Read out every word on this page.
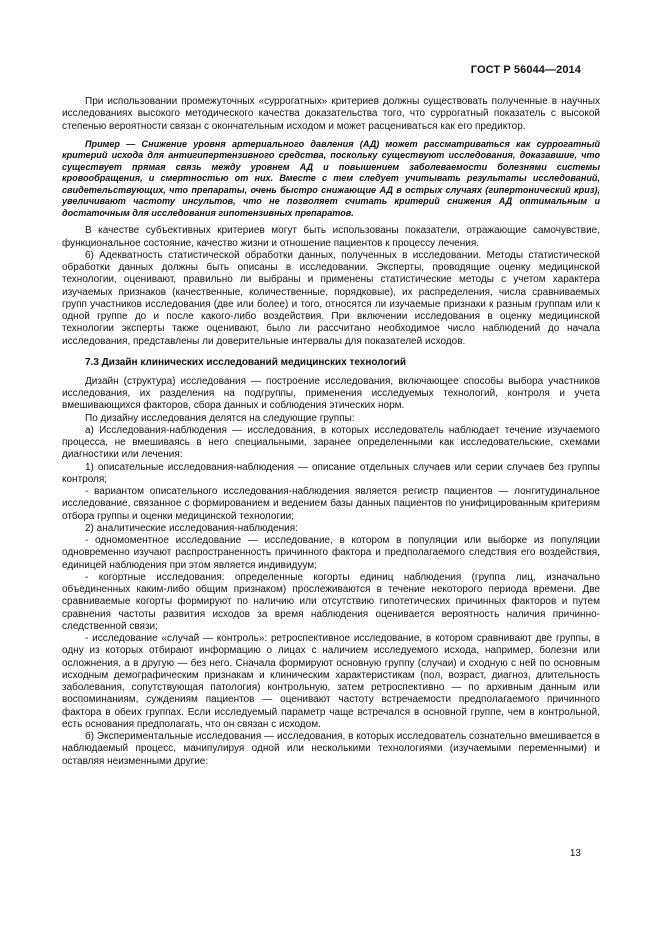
ГОСТ Р 56044—2014

При использовании промежуточных «суррогатных» критериев должны существовать полученные в научных исследованиях высокого методического качества доказательства того, что суррогатный показатель с высокой степенью вероятности связан с окончательным исходом и может расцениваться как его предиктор.

Пример — Снижение уровня артериального давления (АД) может рассматриваться как суррогатный критерий исхода для антигипертензивного средства, поскольку существуют исследования, доказавшие, что существует прямая связь между уровнем АД и повышением заболеваемости болезнями системы кровообращения, и смертностью от них. Вместе с тем следует учитывать результаты исследований, свидетельствующих, что препараты, очень быстро снижающие АД в острых случаях (гипертонический криз), увеличивают частоту инсультов, что не позволяет считать критерий снижения АД оптимальным и достаточным для исследования гипотензивных препаратов.

В качестве субъективных критериев могут быть использованы показатели, отражающие самочувствие, функциональное состояние, качество жизни и отношение пациентов к процессу лечения.

6) Адекватность статистической обработки данных, полученных в исследовании. Методы статистической обработки данных должны быть описаны в исследовании. Эксперты, проводящие оценку медицинской технологии, оценивают, правильно ли выбраны и применены статистические методы с учетом характера изучаемых признаков (качественные, количественные, порядковые), их распределения, числа сравниваемых групп участников исследования (две или более) и того, относятся ли изучаемые признаки к разным группам или к одной группе до и после какого-либо воздействия. При включении исследования в оценку медицинской технологии эксперты также оценивают, было ли рассчитано необходимое число наблюдений до начала исследования, представлены ли доверительные интервалы для показателей исходов.

7.3 Дизайн клинических исследований медицинских технологий

Дизайн (структура) исследования — построение исследования, включающее способы выбора участников исследования, их разделения на подгруппы, применения исследуемых технологий, контроля и учета вмешивающихся факторов, сбора данных и соблюдения этических норм.

По дизайну исследования делятся на следующие группы:

а) Исследования-наблюдения — исследования, в которых исследователь наблюдает течение изучаемого процесса, не вмешиваясь в него специальными, заранее определенными как исследовательские, схемами диагностики или лечения:

1) описательные исследования-наблюдения — описание отдельных случаев или серии случаев без группы контроля;

- вариантом описательного исследования-наблюдения является регистр пациентов — лонгитудинальное исследование, связанное с формированием и ведением базы данных пациентов по унифицированным критериям отбора группы и оценки медицинской технологии;

2) аналитические исследования-наблюдения:

- одномоментное исследование — исследование, в котором в популяции или выборке из популяции одновременно изучают распространенность причинного фактора и предполагаемого следствия его воздействия, единицей наблюдения при этом является индивидуум;

- когортные исследования: определенные когорты единиц наблюдения (группа лиц, изначально объединенных каким-либо общим признаком) прослеживаются в течение некоторого периода времени. Две сравниваемые когорты формируют по наличию или отсутствию гипотетических причинных факторов и путем сравнения частоты развития исходов за время наблюдения оценивается вероятность наличия причинно-следственной связи;

- исследование «случай — контроль»: ретроспективное исследование, в котором сравнивают две группы, в одну из которых отбирают информацию о лицах с наличием исследуемого исхода, например, болезни или осложнения, а в другую — без него. Сначала формируют основную группу (случаи) и сходную с ней по основным исходным демографическим признакам и клиническим характеристикам (пол, возраст, диагноз, длительность заболевания, сопутствующая патология) контрольную, затем ретроспективно — по архивным данным или воспоминаниям, суждениям пациентов — оценивают частоту встречаемости предполагаемого причинного фактора в обеих группах. Если исследуемый параметр чаще встречался в основной группе, чем в контрольной, есть основания предполагать, что он связан с исходом.

б) Экспериментальные исследования — исследования, в которых исследователь сознательно вмешивается в наблюдаемый процесс, манипулируя одной или несколькими технологиями (изучаемыми переменными) и оставляя неизменными другие:

13
